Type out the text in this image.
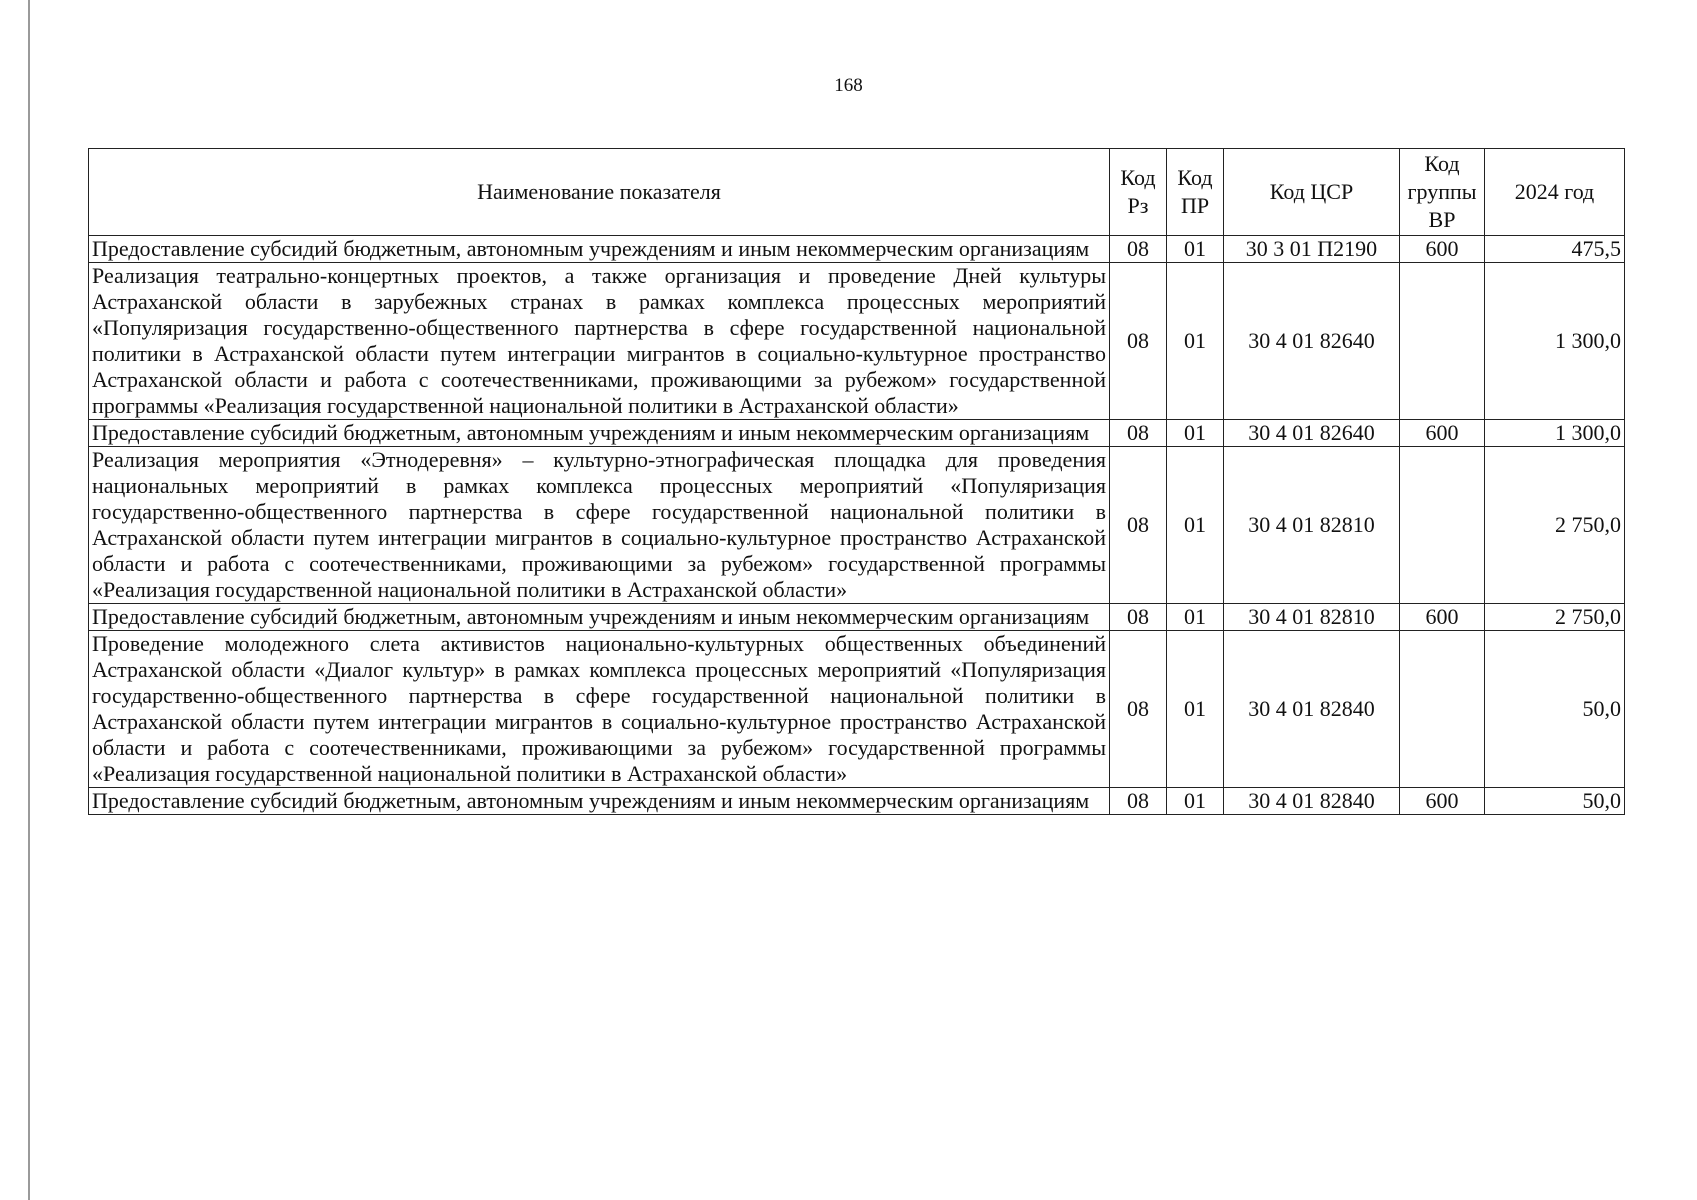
168
Наименование показателя	Код Рз	Код ПР	Код ЦСР	Код группы ВР	2024 год
Предоставление субсидий бюджетным, автономным учреждениям и иным некоммерческим организациям	08	01	30 3 01 П2190	600	475,5
Реализация театрально-концертных проектов, а также организация и проведение Дней культуры Астраханской области в зарубежных странах в рамках комплекса процессных мероприятий «Популяризация государственно-общественного партнерства в сфере государственной национальной политики в Астраханской области путем интеграции мигрантов в социально-культурное пространство Астраханской области и работа с соотечественниками, проживающими за рубежом» государственной программы «Реализация государственной национальной политики в Астраханской области»	08	01	30 4 01 82640		1 300,0
Предоставление субсидий бюджетным, автономным учреждениям и иным некоммерческим организациям	08	01	30 4 01 82640	600	1 300,0
Реализация мероприятия «Этнодеревня» – культурно-этнографическая площадка для проведения национальных мероприятий в рамках комплекса процессных мероприятий «Популяризация государственно-общественного партнерства в сфере государственной национальной политики в Астраханской области путем интеграции мигрантов в социально-культурное пространство Астраханской области и работа с соотечественниками, проживающими за рубежом» государственной программы «Реализация государственной национальной политики в Астраханской области»	08	01	30 4 01 82810		2 750,0
Предоставление субсидий бюджетным, автономным учреждениям и иным некоммерческим организациям	08	01	30 4 01 82810	600	2 750,0
Проведение молодежного слета активистов национально-культурных общественных объединений Астраханской области «Диалог культур» в рамках комплекса процессных мероприятий «Популяризация государственно-общественного партнерства в сфере государственной национальной политики в Астраханской области путем интеграции мигрантов в социально-культурное пространство Астраханской области и работа с соотечественниками, проживающими за рубежом» государственной программы «Реализация государственной национальной политики в Астраханской области»	08	01	30 4 01 82840		50,0
Предоставление субсидий бюджетным, автономным учреждениям и иным некоммерческим организациям	08	01	30 4 01 82840	600	50,0
